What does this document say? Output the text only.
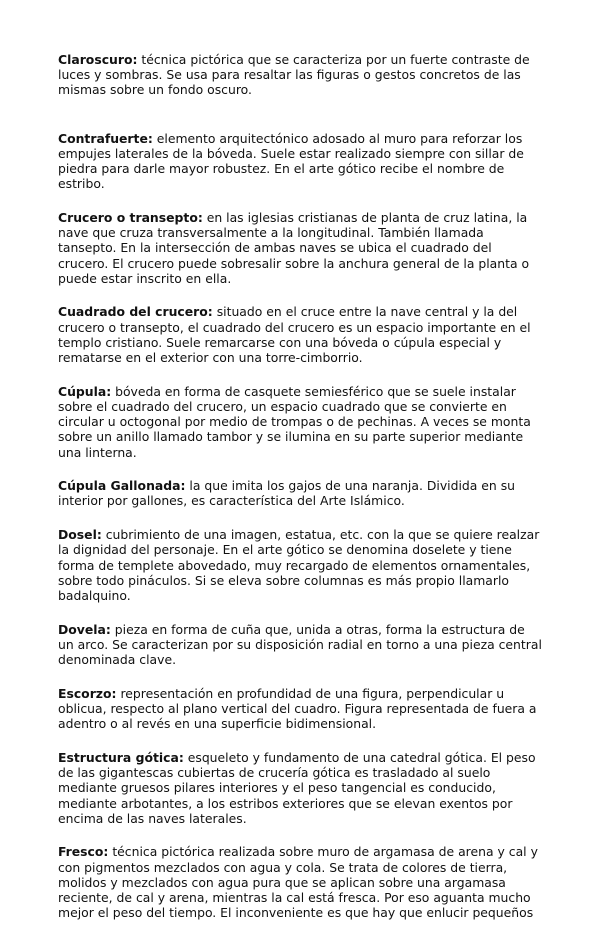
Claroscuro: técnica pictórica que se caracteriza por un fuerte contraste de luces y sombras. Se usa para resaltar las figuras o gestos concretos de las mismas sobre un fondo oscuro.

Contrafuerte: elemento arquitectónico adosado al muro para reforzar los empujes laterales de la bóveda. Suele estar realizado siempre con sillar de piedra para darle mayor robustez. En el arte gótico recibe el nombre de estribo.

Crucero o transepto: en las iglesias cristianas de planta de cruz latina, la nave que cruza transversalmente a la longitudinal. También llamada tansepto. En la intersección de ambas naves se ubica el cuadrado del crucero. El crucero puede sobresalir sobre la anchura general de la planta o puede estar inscrito en ella.

Cuadrado del crucero: situado en el cruce entre la nave central y la del crucero o transepto, el cuadrado del crucero es un espacio importante en el templo cristiano. Suele remarcarse con una bóveda o cúpula especial y rematarse en el exterior con una torre-cimborrio.

Cúpula: bóveda en forma de casquete semiesférico que se suele instalar sobre el cuadrado del crucero, un espacio cuadrado que se convierte en circular u octogonal por medio de trompas o de pechinas. A veces se monta sobre un anillo llamado tambor y se ilumina en su parte superior mediante una linterna.

Cúpula Gallonada: la que imita los gajos de una naranja. Dividida en su interior por gallones, es característica del Arte Islámico.

Dosel: cubrimiento de una imagen, estatua, etc. con la que se quiere realzar la dignidad del personaje. En el arte gótico se denomina doselete y tiene forma de templete abovedado, muy recargado de elementos ornamentales, sobre todo pináculos. Si se eleva sobre columnas es más propio llamarlo badalquino.

Dovela: pieza en forma de cuña que, unida a otras, forma la estructura de un arco. Se caracterizan por su disposición radial en torno a una pieza central denominada clave.

Escorzo: representación en profundidad de una figura, perpendicular u oblicua, respecto al plano vertical del cuadro. Figura representada de fuera a adentro o al revés en una superficie bidimensional.

Estructura gótica: esqueleto y fundamento de una catedral gótica. El peso de las gigantescas cubiertas de crucería gótica es trasladado al suelo mediante gruesos pilares interiores y el peso tangencial es conducido, mediante arbotantes, a los estribos exteriores que se elevan exentos por encima de las naves laterales.

Fresco: técnica pictórica realizada sobre muro de argamasa de arena y cal y con pigmentos mezclados con agua y cola. Se trata de colores de tierra, molidos y mezclados con agua pura que se aplican sobre una argamasa reciente, de cal y arena, mientras la cal está fresca. Por eso aguanta mucho mejor el peso del tiempo. El inconveniente es que hay que enlucir pequeños
